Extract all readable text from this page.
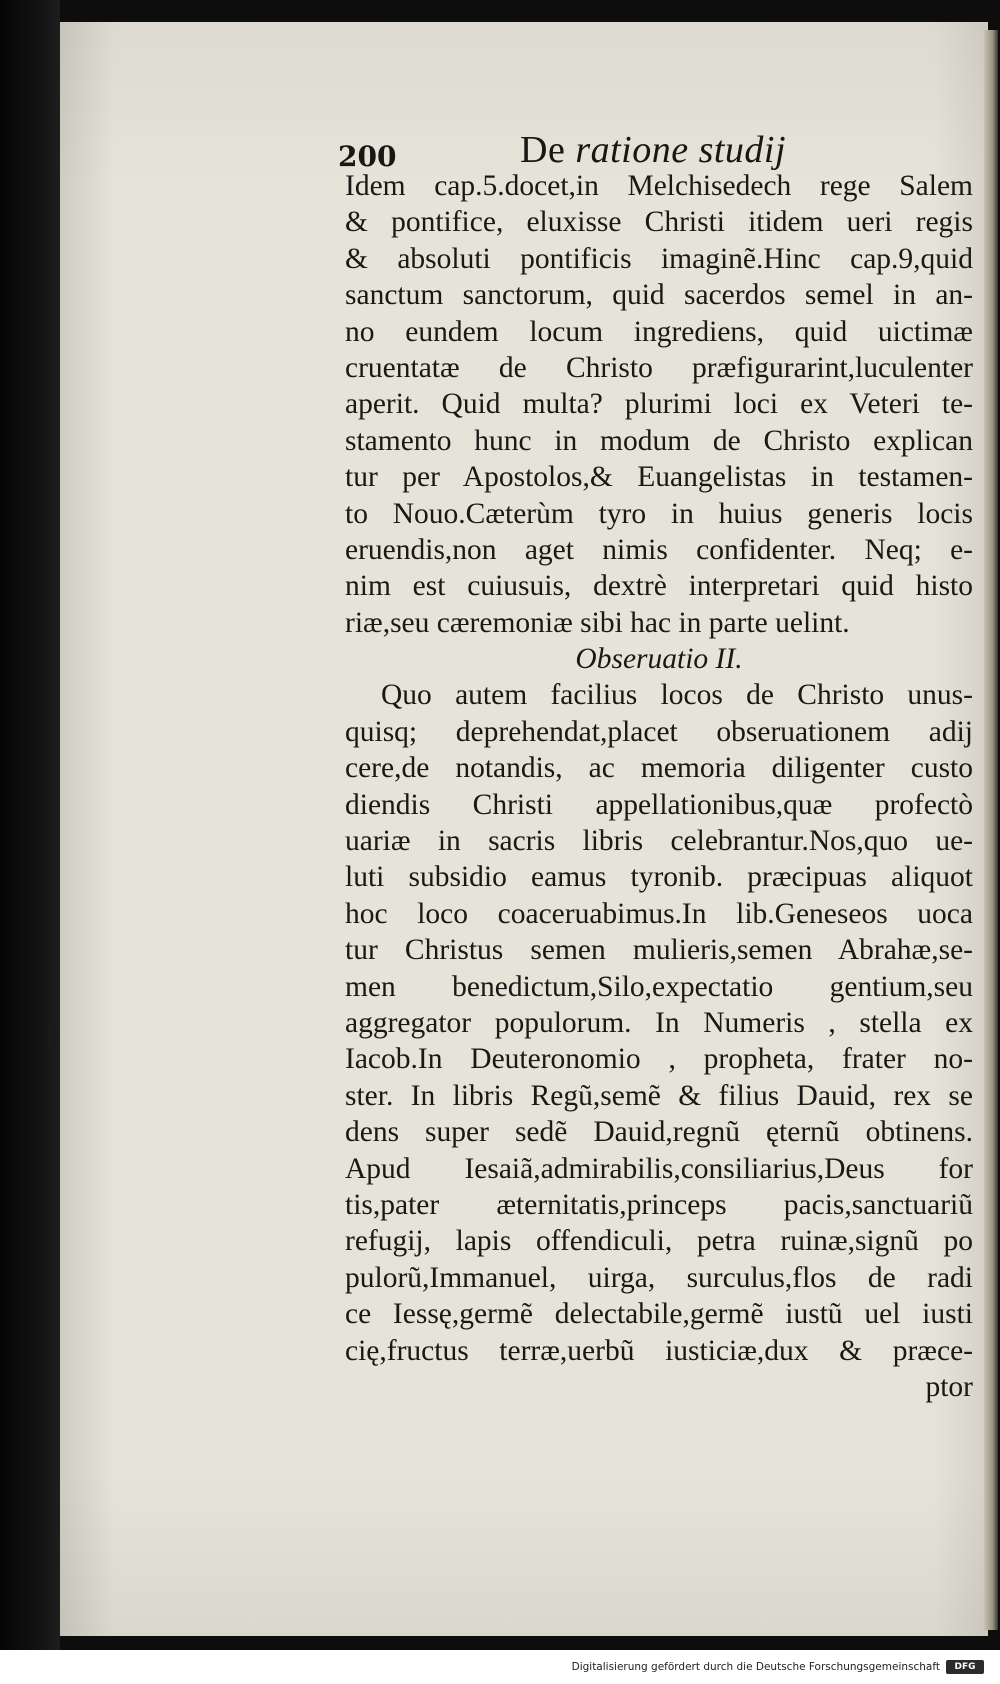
200	De ratione studij
Idem cap.5.docet,in Melchisedech rege Salem
& pontifice, eluxisse Christi itidem ueri regis
& absoluti pontificis imaginẽ.Hinc cap.9,quid
sanctum sanctorum, quid sacerdos semel in an-
no eundem locum ingrediens, quid uictimæ
cruentatæ de Christo præfigurarint,luculenter
aperit. Quid multa? plurimi loci ex Veteri te-
stamento hunc in modum de Christo explican
tur per Apostolos,& Euangelistas in testamen-
to Nouo.Cæterùm tyro in huius generis locis
eruendis,non aget nimis confidenter. Neq; e-
nim est cuiusuis, dextrè interpretari quid histo
riæ,seu cæremoniæ sibi hac in parte uelint.
Obseruatio II.
Quo autem facilius locos de Christo unus-
quisq; deprehendat,placet obseruationem adij
cere,de notandis, ac memoria diligenter custo
diendis Christi appellationibus,quæ profectò
uariæ in sacris libris celebrantur.Nos,quo ue-
luti subsidio eamus tyronib. præcipuas aliquot
hoc loco coaceruabimus.In lib.Geneseos uoca
tur Christus semen mulieris,semen Abrahæ,se-
men benedictum,Silo,expectatio gentium,seu
aggregator populorum. In Numeris , stella ex
Iacob.In Deuteronomio , propheta, frater no-
ster. In libris Regũ,semẽ & filius Dauid, rex se
dens super sedẽ Dauid,regnũ ęternũ obtinens.
Apud Iesaiã,admirabilis,consiliarius,Deus for
tis,pater æternitatis,princeps pacis,sanctuariũ
refugij, lapis offendiculi, petra ruinæ,signũ po
pulorũ,Immanuel, uirga, surculus,flos de radi
ce Iessę,germẽ delectabile,germẽ iustũ uel iusti
cię,fructus terræ,uerbũ iusticiæ,dux & præce-
ptor
Digitalisierung gefördert durch die Deutsche Forschungsgemeinschaft	DFG
